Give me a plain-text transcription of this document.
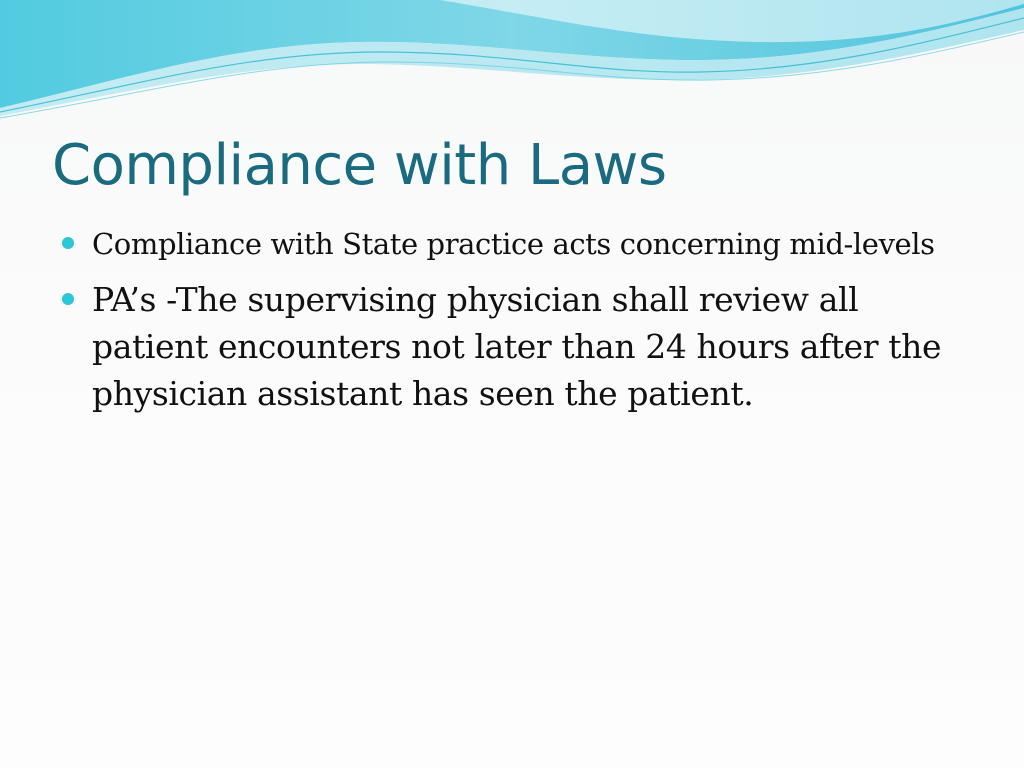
Compliance with Laws
Compliance with State practice acts concerning mid-levels
PA’s -The supervising physician shall review all patient encounters not later than 24 hours after the physician assistant has seen the patient.
